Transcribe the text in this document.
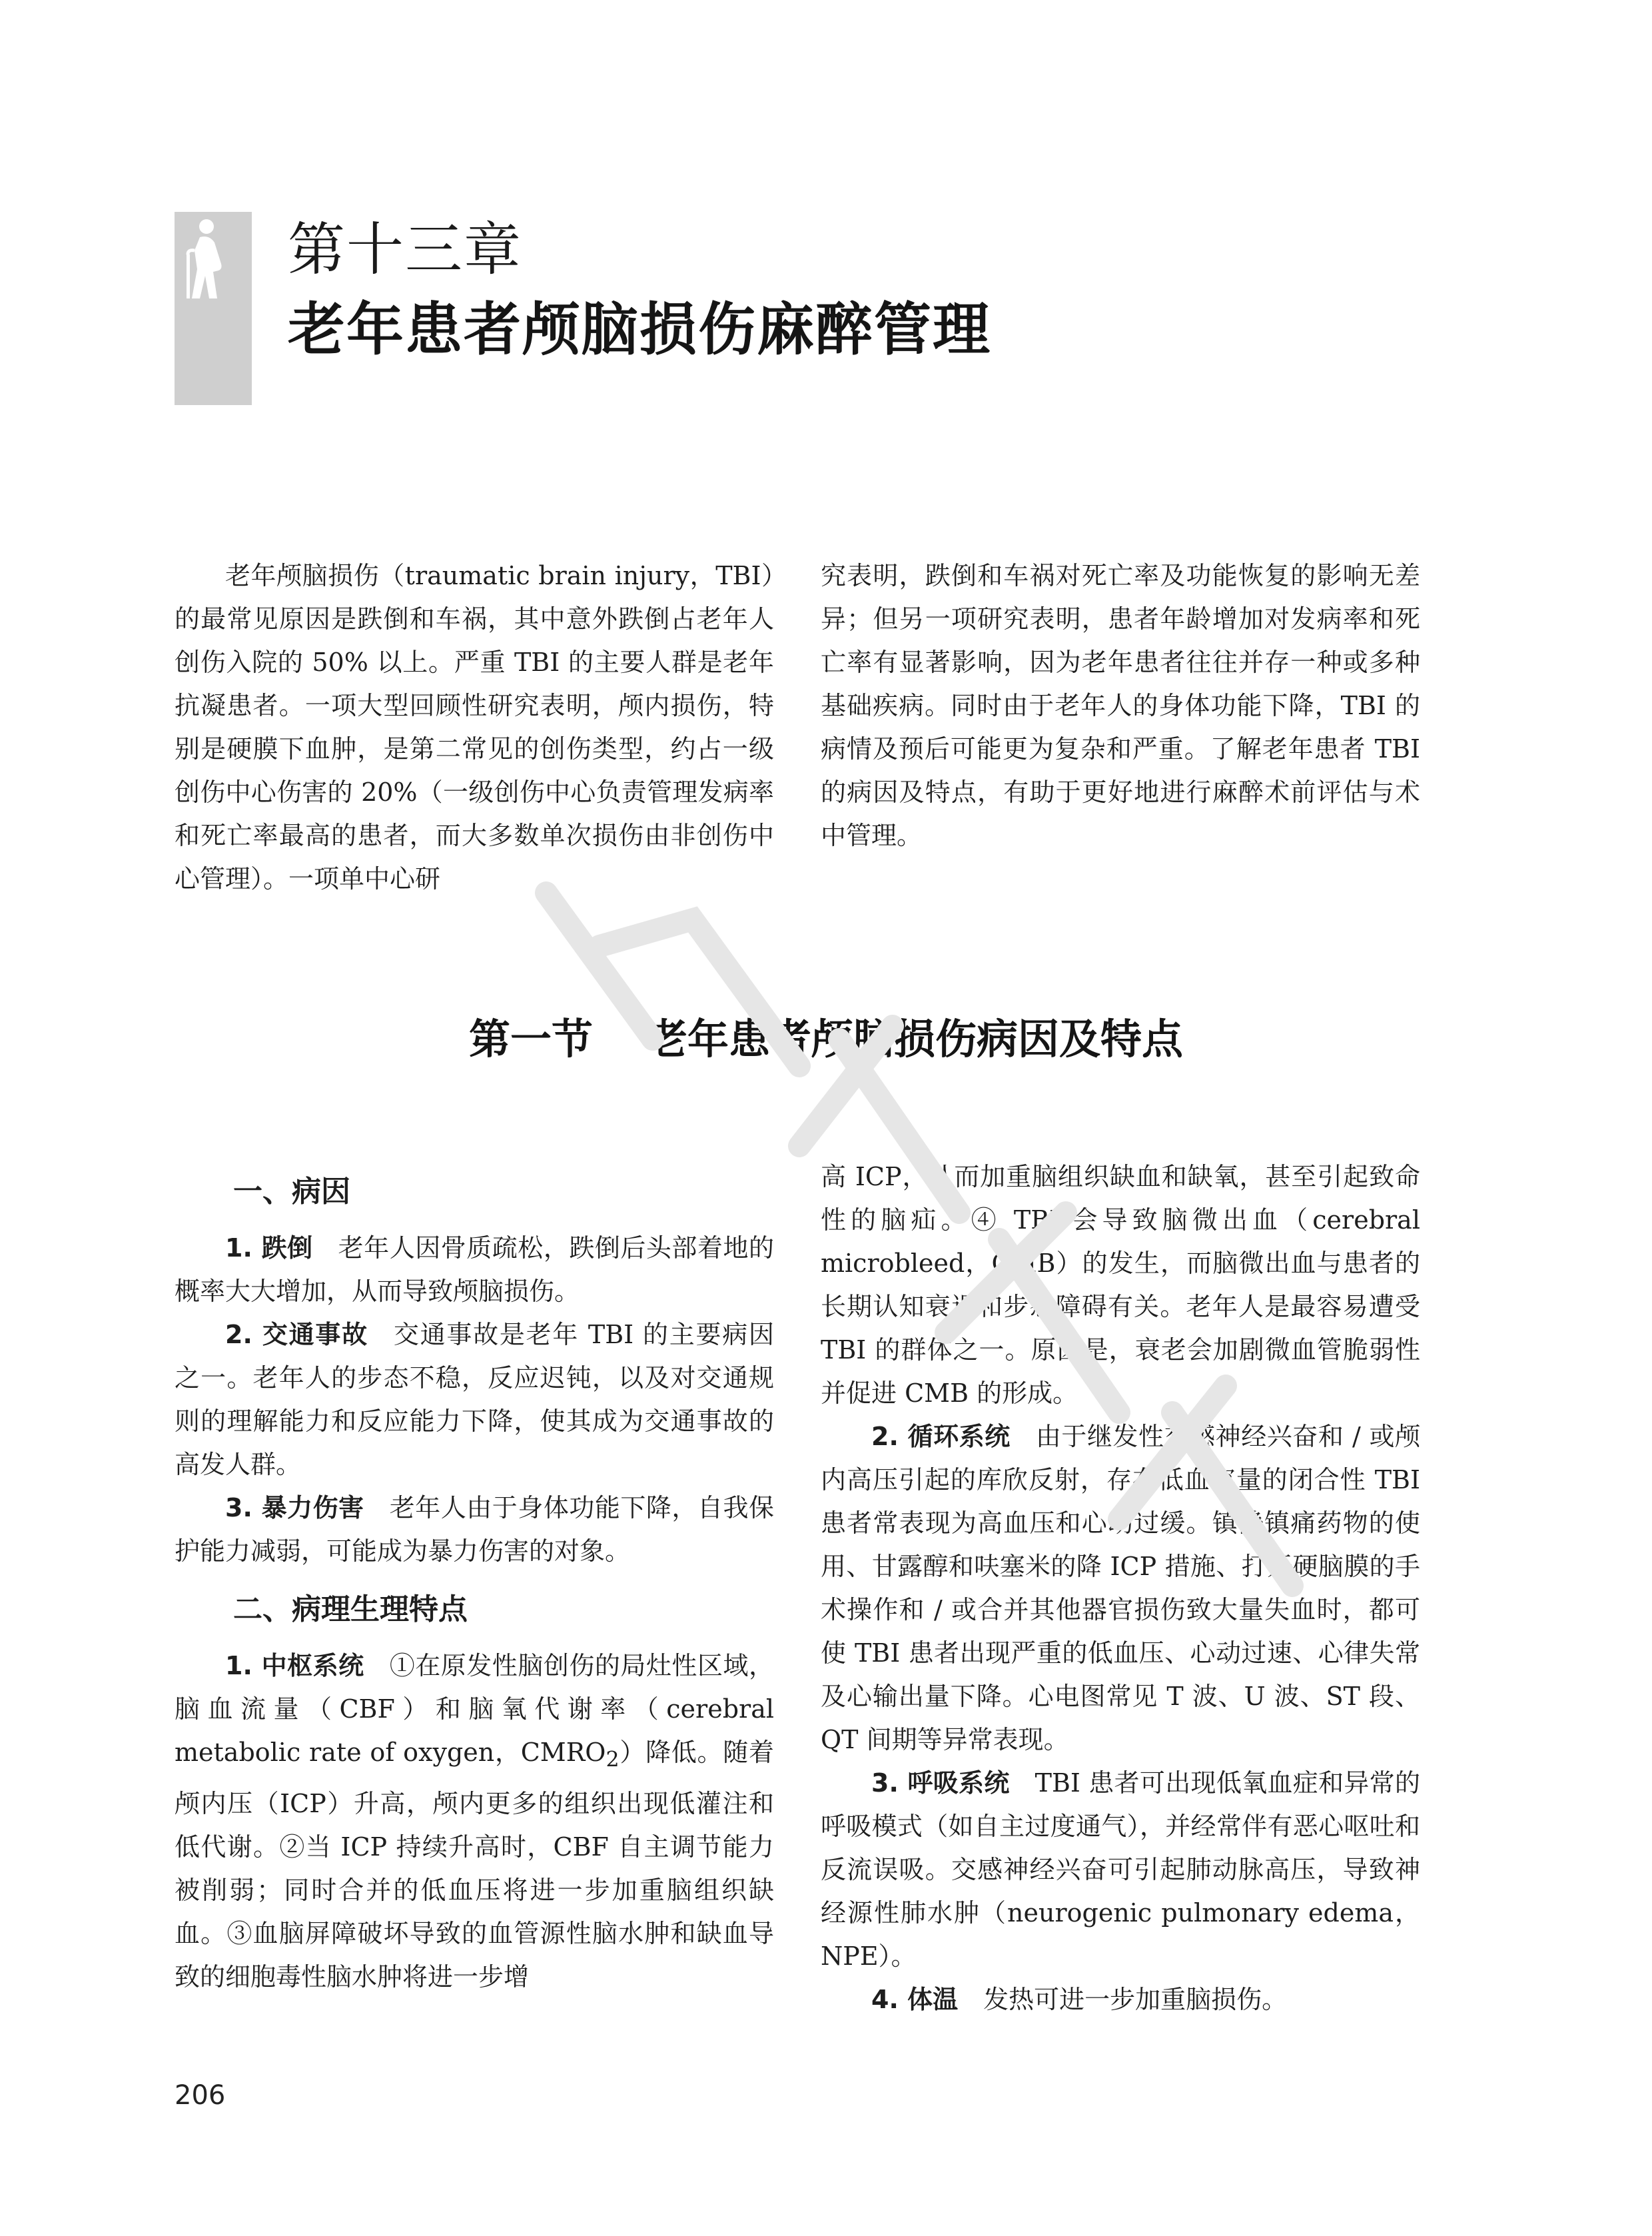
第十三章
老年患者颅脑损伤麻醉管理

老年颅脑损伤（traumatic brain injury，TBI）的最常见原因是跌倒和车祸，其中意外跌倒占老年人创伤入院的 50% 以上。严重 TBI 的主要人群是老年抗凝患者。一项大型回顾性研究表明，颅内损伤，特别是硬膜下血肿，是第二常见的创伤类型，约占一级创伤中心伤害的 20%（一级创伤中心负责管理发病率和死亡率最高的患者，而大多数单次损伤由非创伤中心管理）。一项单中心研

究表明，跌倒和车祸对死亡率及功能恢复的影响无差异；但另一项研究表明，患者年龄增加对发病率和死亡率有显著影响，因为老年患者往往并存一种或多种基础疾病。同时由于老年人的身体功能下降，TBI 的病情及预后可能更为复杂和严重。了解老年患者 TBI 的病因及特点，有助于更好地进行麻醉术前评估与术中管理。

第一节 老年患者颅脑损伤病因及特点

一、病因

1. 跌倒 老年人因骨质疏松，跌倒后头部着地的概率大大增加，从而导致颅脑损伤。

2. 交通事故 交通事故是老年 TBI 的主要病因之一。老年人的步态不稳，反应迟钝，以及对交通规则的理解能力和反应能力下降，使其成为交通事故的高发人群。

3. 暴力伤害 老年人由于身体功能下降，自我保护能力减弱，可能成为暴力伤害的对象。

二、病理生理特点

1. 中枢系统 ①在原发性脑创伤的局灶性区域，脑血流量（CBF）和脑氧代谢率（cerebral metabolic rate of oxygen，$CMRO_2$）降低。随着颅内压（ICP）升高，颅内更多的组织出现低灌注和低代谢。②当 ICP 持续升高时，CBF 自主调节能力被削弱；同时合并的低血压将进一步加重脑组织缺血。③血脑屏障破坏导致的血管源性脑水肿和缺血导致的细胞毒性脑水肿将进一步增

高 ICP，从而加重脑组织缺血和缺氧，甚至引起致命性的脑疝。④ TBI 会导致脑微出血（cerebral microbleed，CMB）的发生，而脑微出血与患者的长期认知衰退和步态障碍有关。老年人是最容易遭受 TBI 的群体之一。原因是，衰老会加剧微血管脆弱性并促进 CMB 的形成。

2. 循环系统 由于继发性交感神经兴奋和 / 或颅内高压引起的库欣反射，存在低血容量的闭合性 TBI 患者常表现为高血压和心动过缓。镇静镇痛药物的使用、甘露醇和呋塞米的降 ICP 措施、打开硬脑膜的手术操作和 / 或合并其他器官损伤致大量失血时，都可使 TBI 患者出现严重的低血压、心动过速、心律失常及心输出量下降。心电图常见 T 波、U 波、ST 段、QT 间期等异常表现。

3. 呼吸系统 TBI 患者可出现低氧血症和异常的呼吸模式（如自主过度通气），并经常伴有恶心呕吐和反流误吸。交感神经兴奋可引起肺动脉高压，导致神经源性肺水肿（neurogenic pulmonary edema，NPE）。

4. 体温 发热可进一步加重脑损伤。

206
